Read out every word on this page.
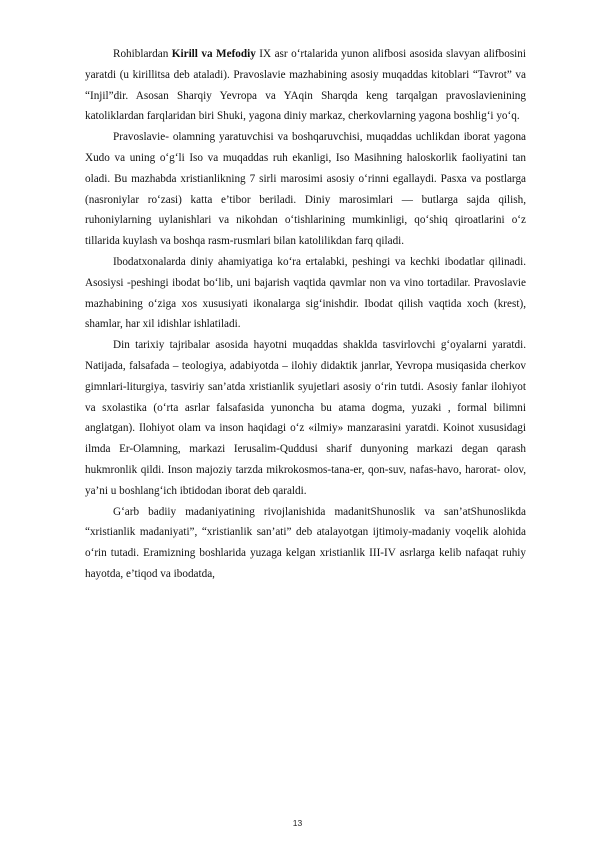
Rohiblardan Kirill va Mefodiy IX asr o‘rtalarida yunon alifbosi asosida slavyan alifbosini yaratdi (u kirillitsa deb ataladi). Pravoslavie mazhabining asosiy muqaddas kitoblari “Tavrot” va “Injil”dir. Asosan Sharqiy Yevropa va YAqin Sharqda keng tarqalgan pravoslavienining katoliklardan farqlaridan biri Shuki, yagona diniy markaz, cherkovlarning yagona boshlig‘i yo‘q.

Pravoslavie- olamning yaratuvchisi va boshqaruvchisi, muqaddas uchlikdan iborat yagona Xudo va uning o‘g‘li Iso va muqaddas ruh ekanligi, Iso Masihning haloskorlik faoliyatini tan oladi. Bu mazhabda xristianlikning 7 sirli marosimi asosiy o‘rinni egallaydi. Pasxa va postlarga (nasroniylar ro‘zasi) katta e’tibor beriladi. Diniy marosimlari — butlarga sajda qilish, ruhoniylarning uylanishlari va nikohdan o‘tishlarining mumkinligi, qo‘shiq qiroatlarini o‘z tillarida kuylash va boshqa rasm-rusmlari bilan katolilikdan farq qiladi.

Ibodatxonalarda diniy ahamiyatiga ko‘ra ertalabki, peshingi va kechki ibodatlar qilinadi. Asosiysi -peshingi ibodat bo‘lib, uni bajarish vaqtida qavmlar non va vino tortadilar. Pravoslavie mazhabining o‘ziga xos xususiyati ikonalarga sig‘inishdir. Ibodat qilish vaqtida xoch (krest), shamlar, har xil idishlar ishlatiladi.

Din tarixiy tajribalar asosida hayotni muqaddas shaklda tasvirlovchi g‘oyalarni yaratdi. Natijada, falsafada – teologiya, adabiyotda – ilohiy didaktik janrlar, Yevropa musiqasida cherkov gimnlari-liturgiya, tasviriy san’atda xristianlik syujetlari asosiy o‘rin tutdi. Asosiy fanlar ilohiyot va sxolastika (o‘rta asrlar falsafasida yunoncha bu atama dogma, yuzaki , formal bilimni anglatgan). Ilohiyot olam va inson haqidagi o‘z «ilmiy» manzarasini yaratdi. Koinot xususidagi ilmda Er-Olamning, markazi Ierusalim-Quddusi sharif dunyoning markazi degan qarash hukmronlik qildi. Inson majoziy tarzda mikrokosmos-tana-er, qon-suv, nafas-havo, harorat- olov, ya’ni u boshlang‘ich ibtidodan iborat deb qaraldi.

G‘arb badiiy madaniyatining rivojlanishida madanitShunoslik va san’atShunoslikda “xristianlik madaniyati”, “xristianlik san’ati” deb atalayotgan ijtimoiy-madaniy voqelik alohida o‘rin tutadi. Eramizning boshlarida yuzaga kelgan xristianlik III-IV asrlarga kelib nafaqat ruhiy hayotda, e’tiqod va ibodatda,

13
